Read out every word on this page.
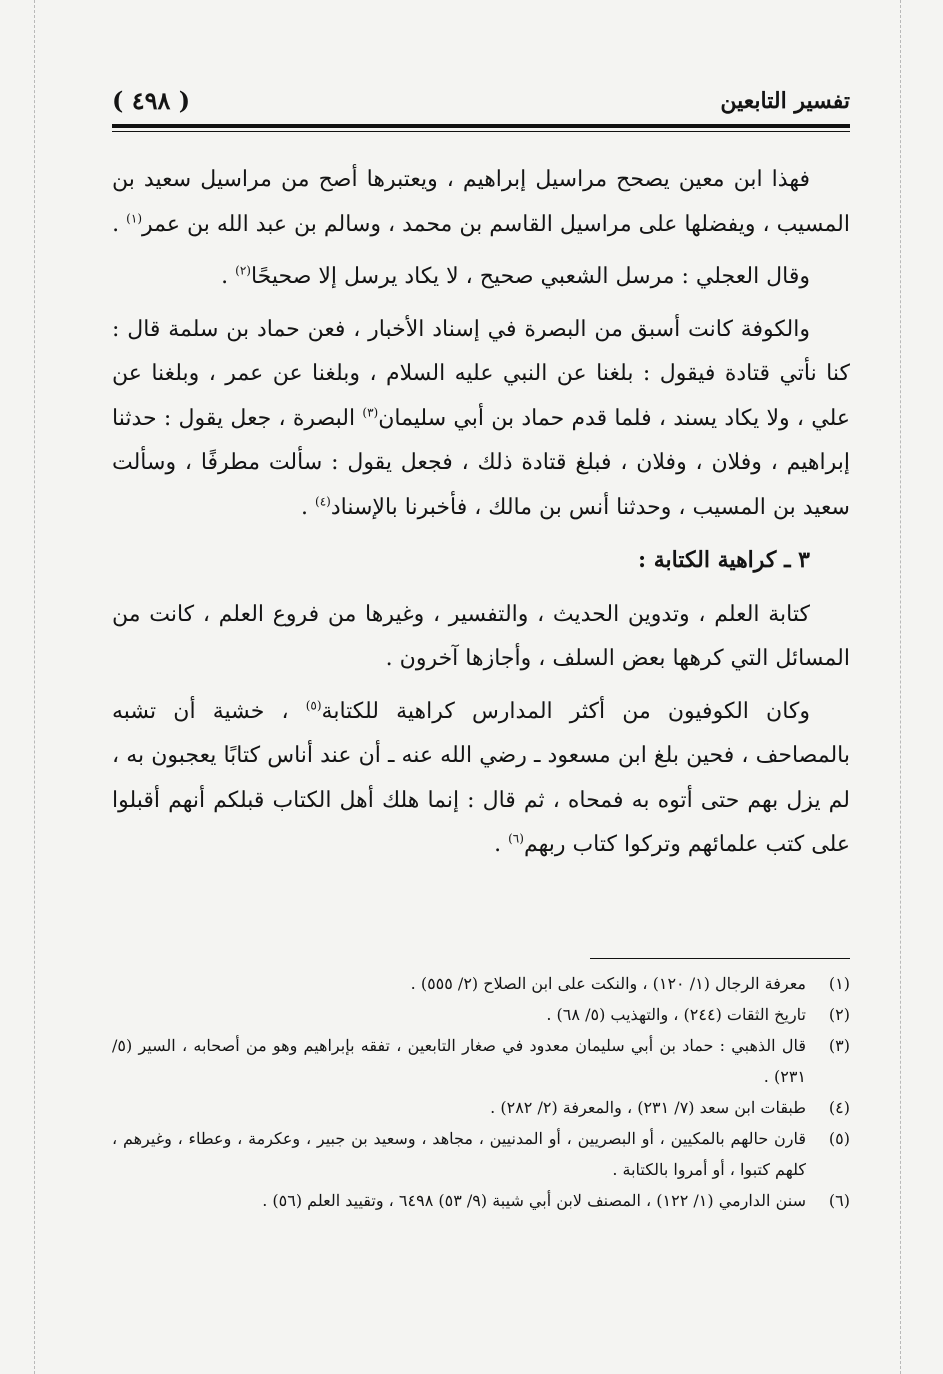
تفسير التابعين
( ٤٩٨ )

فهذا ابن معين يصحح مراسيل إبراهيم ، ويعتبرها أصح من مراسيل سعيد بن المسيب ، ويفضلها على مراسيل القاسم بن محمد ، وسالم بن عبد الله بن عمر$^{(١)}$ .

وقال العجلي : مرسل الشعبي صحيح ، لا يكاد يرسل إلا صحيحًا$^{(٢)}$ .

والكوفة كانت أسبق من البصرة في إسناد الأخبار ، فعن حماد بن سلمة قال : كنا نأتي قتادة فيقول : بلغنا عن النبي عليه السلام ، وبلغنا عن عمر ، وبلغنا عن علي ، ولا يكاد يسند ، فلما قدم حماد بن أبي سليمان$^{(٣)}$ البصرة ، جعل يقول : حدثنا إبراهيم ، وفلان ، وفلان ، فبلغ قتادة ذلك ، فجعل يقول : سألت مطرفًا ، وسألت سعيد بن المسيب ، وحدثنا أنس بن مالك ، فأخبرنا بالإسناد$^{(٤)}$ .

٣ ـ كراهية الكتابة :

كتابة العلم ، وتدوين الحديث ، والتفسير ، وغيرها من فروع العلم ، كانت من المسائل التي كرهها بعض السلف ، وأجازها آخرون .

وكان الكوفيون من أكثر المدارس كراهية للكتابة$^{(٥)}$ ، خشية أن تشبه بالمصاحف ، فحين بلغ ابن مسعود ـ رضي الله عنه ـ أن عند أناس كتابًا يعجبون به ، لم يزل بهم حتى أتوه به فمحاه ، ثم قال : إنما هلك أهل الكتاب قبلكم أنهم أقبلوا على كتب علمائهم وتركوا كتاب ربهم$^{(٦)}$ .

(١)
معرفة الرجال (١/ ١٢٠) ، والنكت على ابن الصلاح (٢/ ٥٥٥) .
(٢)
تاريخ الثقات (٢٤٤) ، والتهذيب (٥/ ٦٨) .
(٣)
قال الذهبي : حماد بن أبي سليمان معدود في صغار التابعين ، تفقه بإبراهيم وهو من أصحابه ، السير (٥/ ٢٣١) .
(٤)
طبقات ابن سعد (٧/ ٢٣١) ، والمعرفة (٢/ ٢٨٢) .
(٥)
قارن حالهم بالمكيين ، أو البصريين ، أو المدنيين ، مجاهد ، وسعيد بن جبير ، وعكرمة ، وعطاء ، وغيرهم ، كلهم كتبوا ، أو أمروا بالكتابة .
(٦)
سنن الدارمي (١/ ١٢٢) ، المصنف لابن أبي شيبة (٩/ ٥٣) ٦٤٩٨ ، وتقييد العلم (٥٦) .
